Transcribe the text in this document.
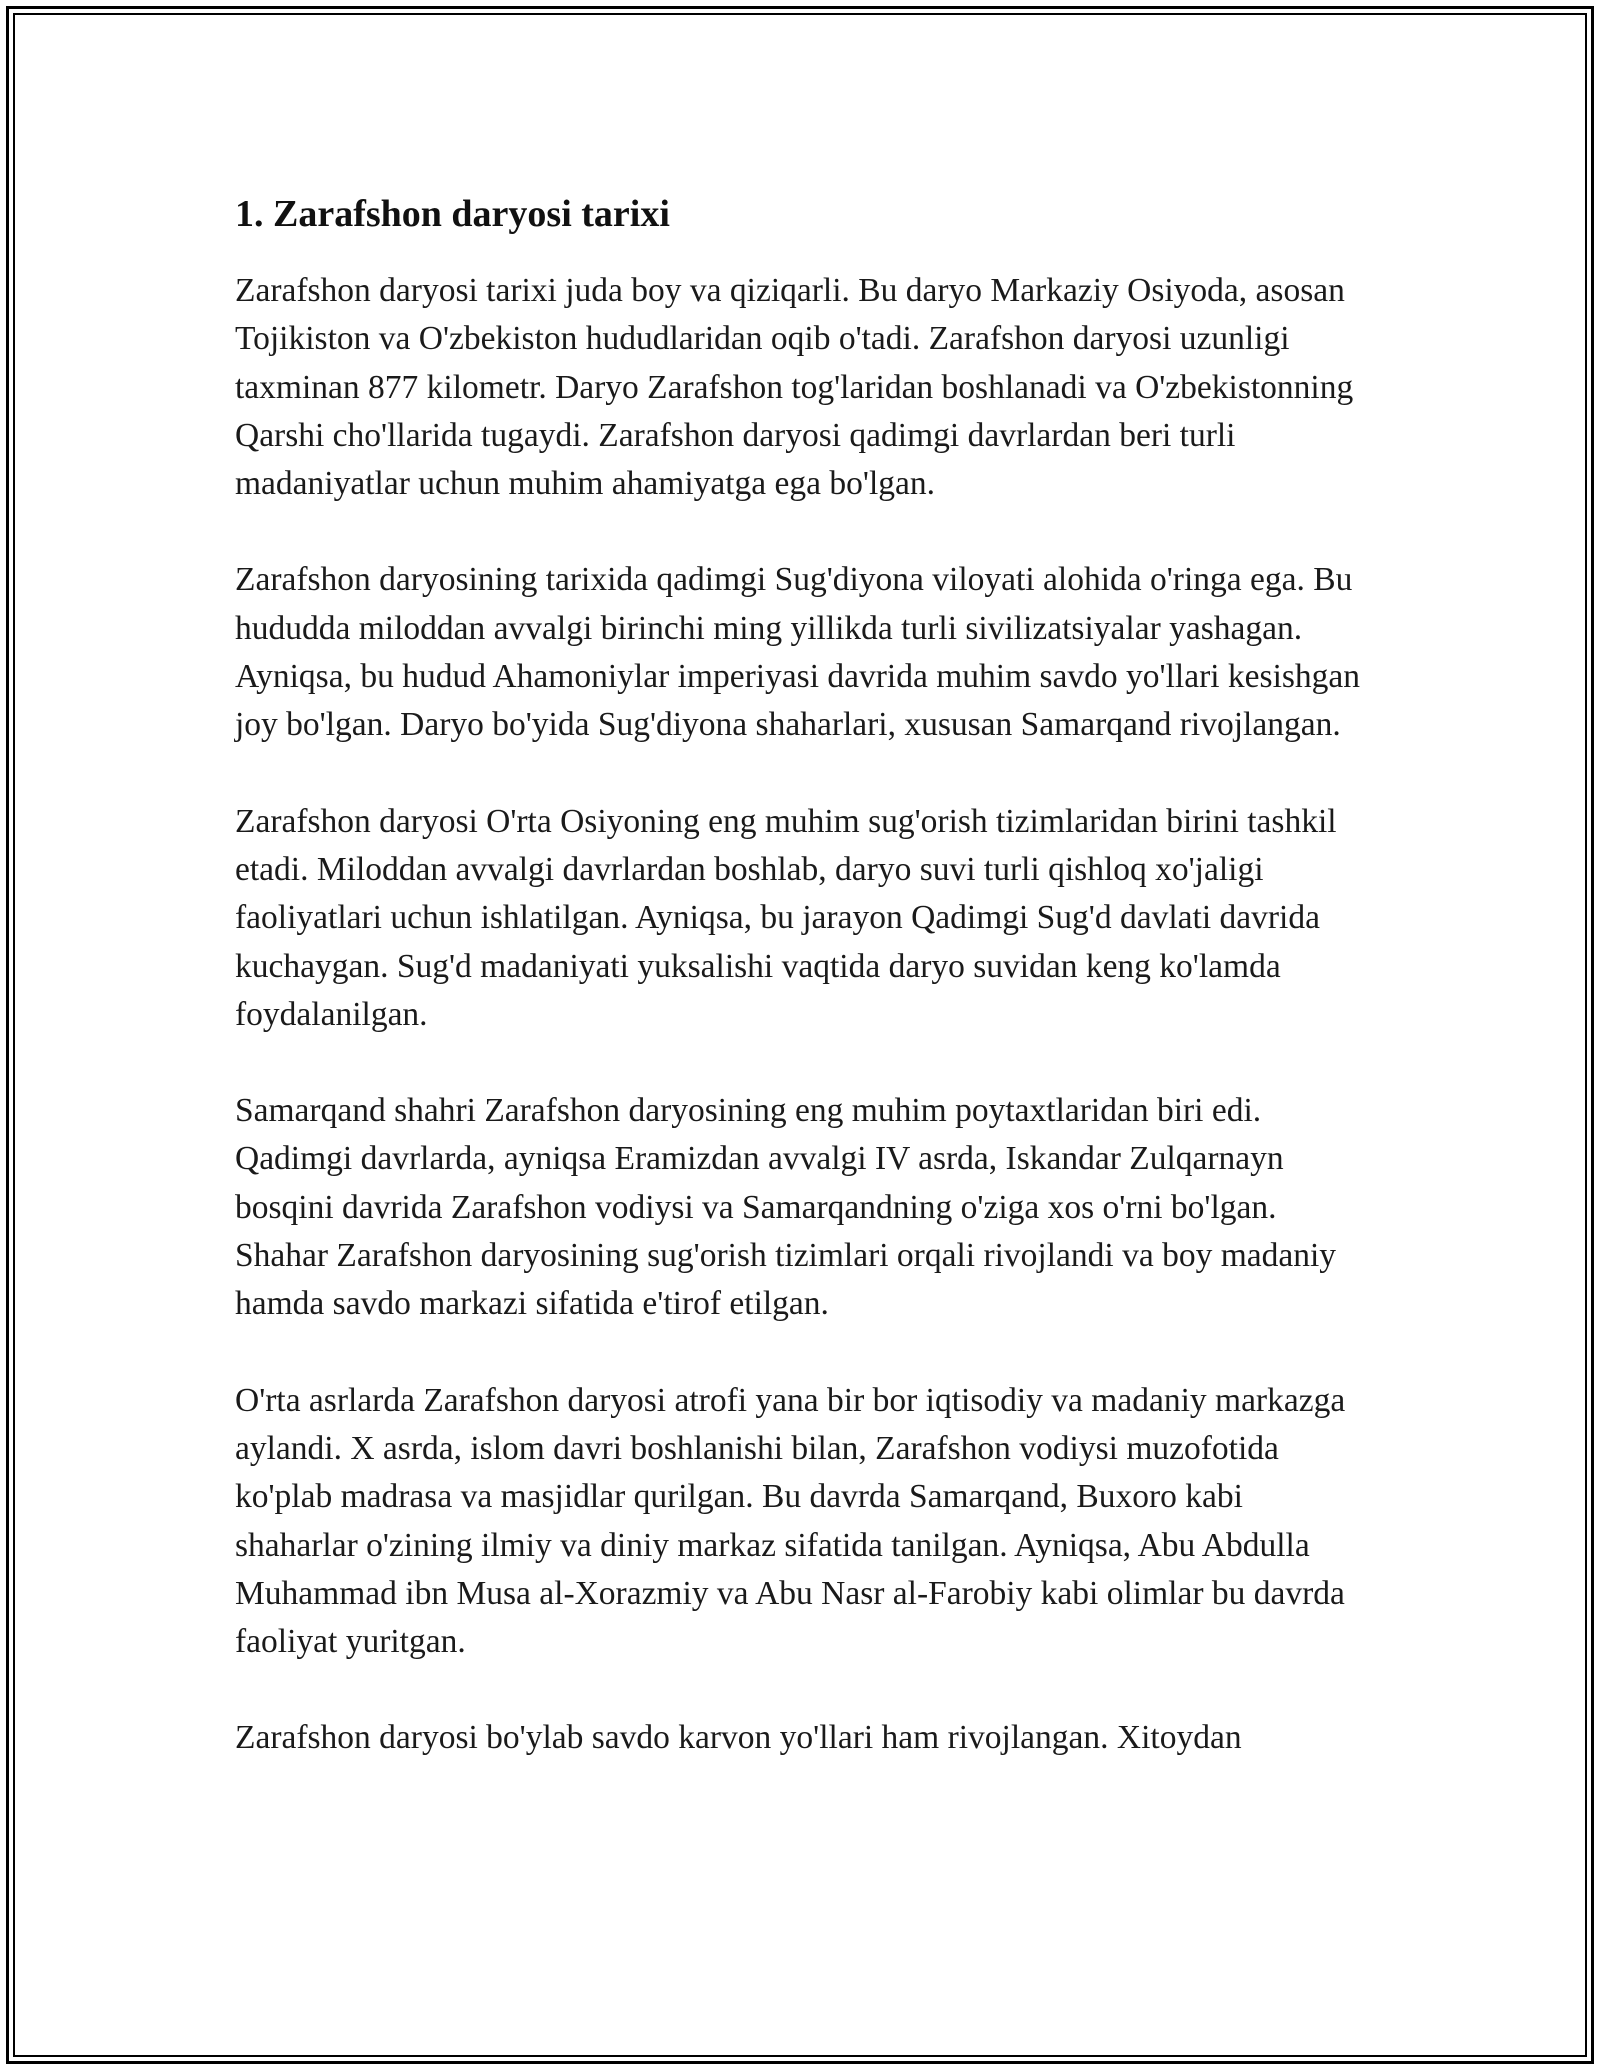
1. Zarafshon daryosi tarixi

Zarafshon daryosi tarixi juda boy va qiziqarli. Bu daryo Markaziy Osiyoda, asosan Tojikiston va O'zbekiston hududlaridan oqib o'tadi. Zarafshon daryosi uzunligi taxminan 877 kilometr. Daryo Zarafshon tog'laridan boshlanadi va O'zbekistonning Qarshi cho'llarida tugaydi. Zarafshon daryosi qadimgi davrlardan beri turli madaniyatlar uchun muhim ahamiyatga ega bo'lgan.

Zarafshon daryosining tarixida qadimgi Sug'diyona viloyati alohida o'ringa ega. Bu hududda miloddan avvalgi birinchi ming yillikda turli sivilizatsiyalar yashagan. Ayniqsa, bu hudud Ahamoniylar imperiyasi davrida muhim savdo yo'llari kesishgan joy bo'lgan. Daryo bo'yida Sug'diyona shaharlari, xususan Samarqand rivojlangan.

Zarafshon daryosi O'rta Osiyoning eng muhim sug'orish tizimlaridan birini tashkil etadi. Miloddan avvalgi davrlardan boshlab, daryo suvi turli qishloq xo'jaligi faoliyatlari uchun ishlatilgan. Ayniqsa, bu jarayon Qadimgi Sug'd davlati davrida kuchaygan. Sug'd madaniyati yuksalishi vaqtida daryo suvidan keng ko'lamda foydalanilgan.

Samarqand shahri Zarafshon daryosining eng muhim poytaxtlaridan biri edi. Qadimgi davrlarda, ayniqsa Eramizdan avvalgi IV asrda, Iskandar Zulqarnayn bosqini davrida Zarafshon vodiysi va Samarqandning o'ziga xos o'rni bo'lgan. Shahar Zarafshon daryosining sug'orish tizimlari orqali rivojlandi va boy madaniy hamda savdo markazi sifatida e'tirof etilgan.

O'rta asrlarda Zarafshon daryosi atrofi yana bir bor iqtisodiy va madaniy markazga aylandi. X asrda, islom davri boshlanishi bilan, Zarafshon vodiysi muzofotida ko'plab madrasa va masjidlar qurilgan. Bu davrda Samarqand, Buxoro kabi shaharlar o'zining ilmiy va diniy markaz sifatida tanilgan. Ayniqsa, Abu Abdulla Muhammad ibn Musa al-Xorazmiy va Abu Nasr al-Farobiy kabi olimlar bu davrda faoliyat yuritgan.

Zarafshon daryosi bo'ylab savdo karvon yo'llari ham rivojlangan. Xitoydan
